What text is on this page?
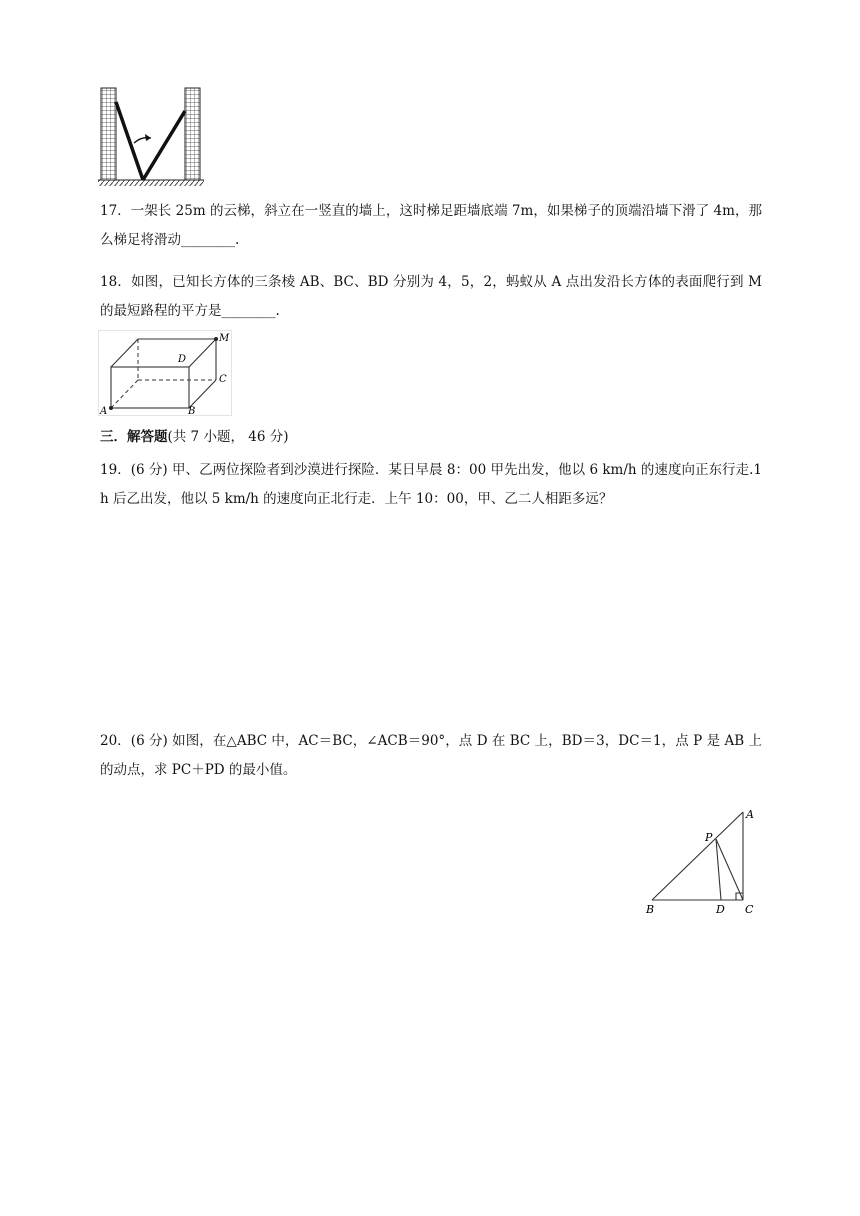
17．一架长 25m 的云梯，斜立在一竖直的墙上，这时梯足距墙底端 7m，如果梯子的顶端沿墙下滑了 4m，那么梯足将滑动________.

18．如图，已知长方体的三条棱 AB、BC、BD 分别为 4，5，2，蚂蚁从 A 点出发沿长方体的表面爬行到 M 的最短路程的平方是________.

A	B
C
D
M

三．解答题(共 7 小题， 46 分)

19．(6 分) 甲、乙两位探险者到沙漠进行探险．某日早晨 8：00 甲先出发，他以 6 km/h 的速度向正东行走.1 h 后乙出发，他以 5 km/h 的速度向正北行走．上午 10：00，甲、乙二人相距多远？

20．(6 分) 如图，在△ABC 中，AC＝BC，∠ACB＝90°，点 D 在 BC 上，BD＝3，DC＝1，点 P 是 AB 上的动点，求 PC＋PD 的最小值。

A
B	C
D
P
